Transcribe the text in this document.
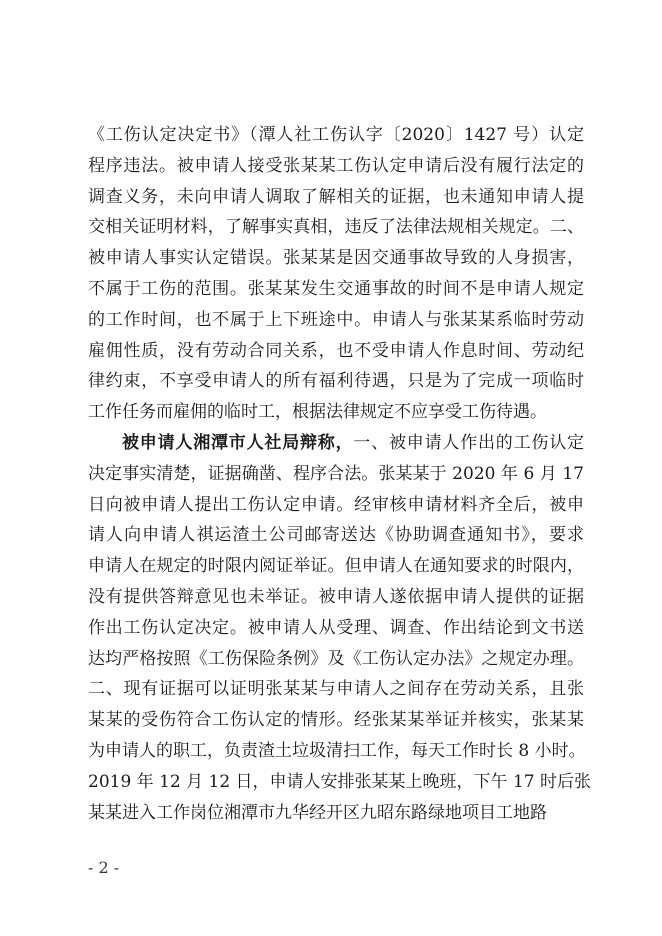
《工伤认定决定书》（潭人社工伤认字〔2020〕1427 号）认定
程序违法。被申请人接受张某某工伤认定申请后没有履行法定的
调查义务，未向申请人调取了解相关的证据，也未通知申请人提
交相关证明材料，了解事实真相，违反了法律法规相关规定。二、
被申请人事实认定错误。张某某是因交通事故导致的人身损害，
不属于工伤的范围。张某某发生交通事故的时间不是申请人规定
的工作时间，也不属于上下班途中。申请人与张某某系临时劳动
雇佣性质，没有劳动合同关系，也不受申请人作息时间、劳动纪
律约束，不享受申请人的所有福利待遇，只是为了完成一项临时
工作任务而雇佣的临时工，根据法律规定不应享受工伤待遇。
被申请人湘潭市人社局辩称，一、被申请人作出的工伤认定
决定事实清楚，证据确凿、程序合法。张某某于 2020 年 6 月 17
日向被申请人提出工伤认定申请。经审核申请材料齐全后，被申
请人向申请人祺运渣土公司邮寄送达《协助调查通知书》，要求
申请人在规定的时限内阅证举证。但申请人在通知要求的时限内，
没有提供答辩意见也未举证。被申请人遂依据申请人提供的证据
作出工伤认定决定。被申请人从受理、调查、作出结论到文书送
达均严格按照《工伤保险条例》及《工伤认定办法》之规定办理。
二、现有证据可以证明张某某与申请人之间存在劳动关系，且张
某某的受伤符合工伤认定的情形。经张某某举证并核实，张某某
为申请人的职工，负责渣土垃圾清扫工作，每天工作时长 8 小时。
2019 年 12 月 12 日，申请人安排张某某上晚班，下午 17 时后张
某某进入工作岗位湘潭市九华经开区九昭东路绿地项目工地路
- 2 -
